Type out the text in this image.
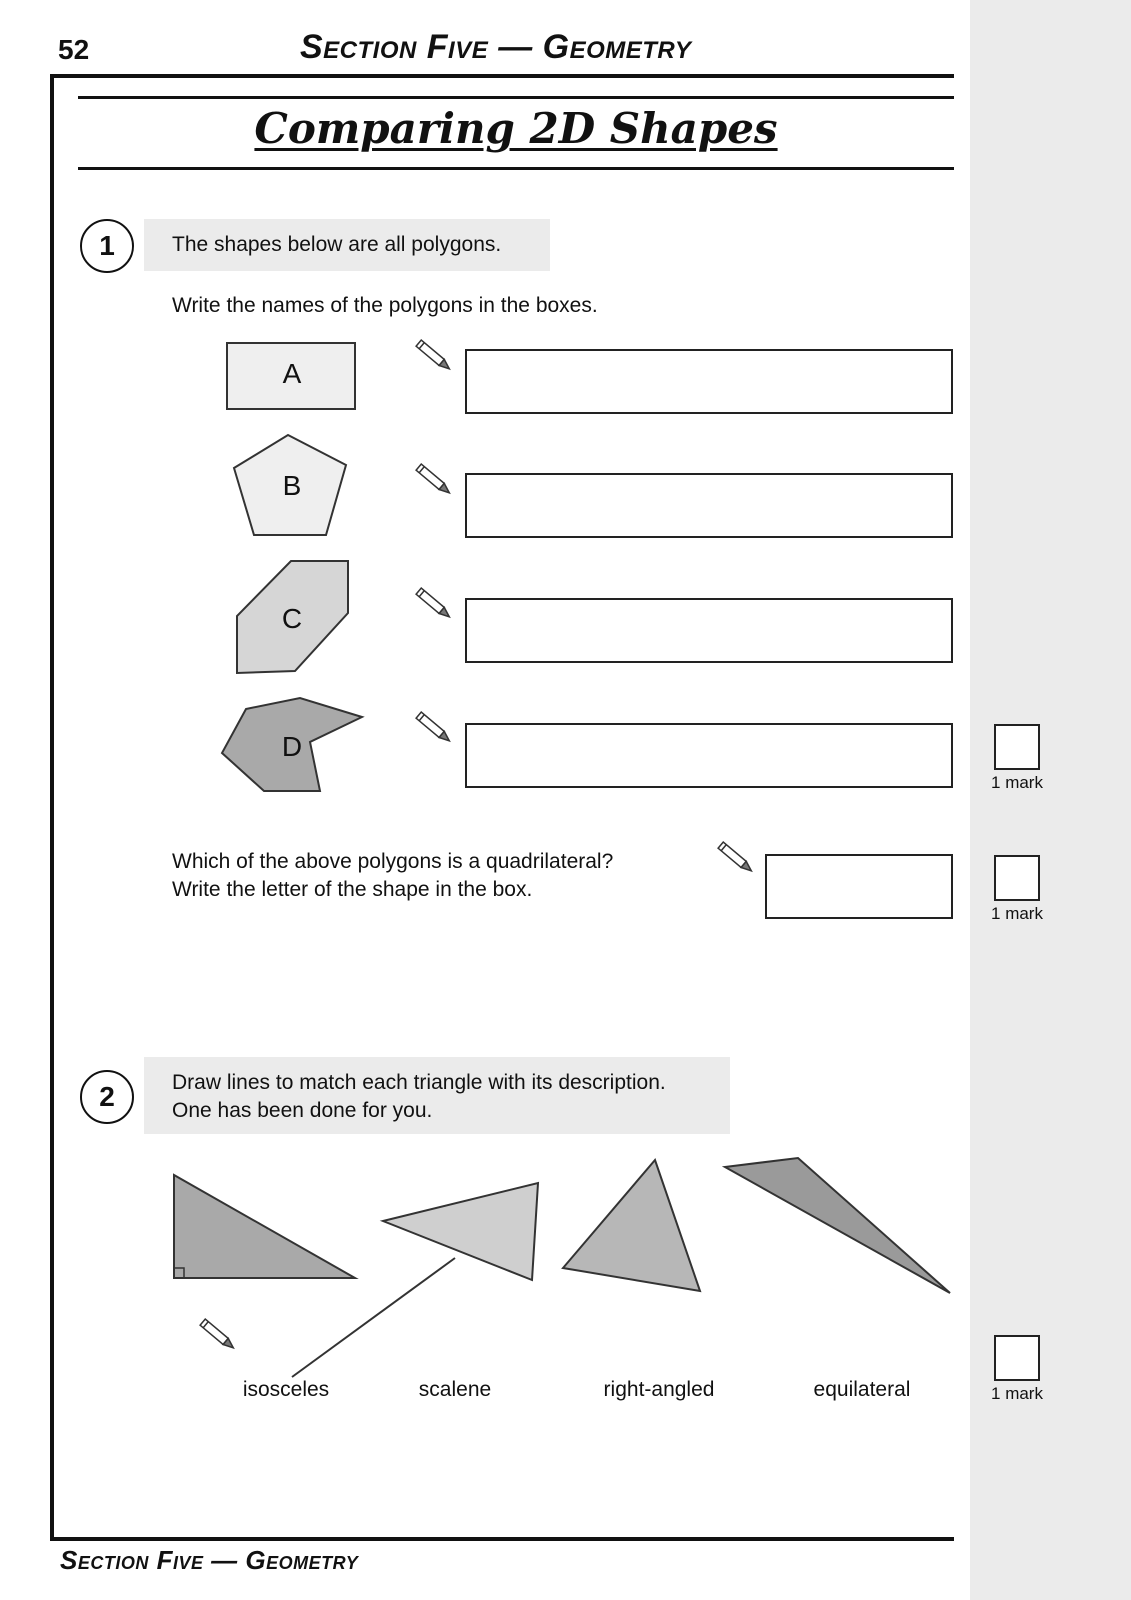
52	Section Five — Geometry
Comparing 2D Shapes
1	The shapes below are all polygons.
Write the names of the polygons in the boxes.
A
B
C
D
1 mark
Which of the above polygons is a quadrilateral?
Write the letter of the shape in the box.
1 mark
2	Draw lines to match each triangle with its description.
One has been done for you.
isosceles	scalene	right-angled	equilateral	1 mark
Section Five — Geometry
